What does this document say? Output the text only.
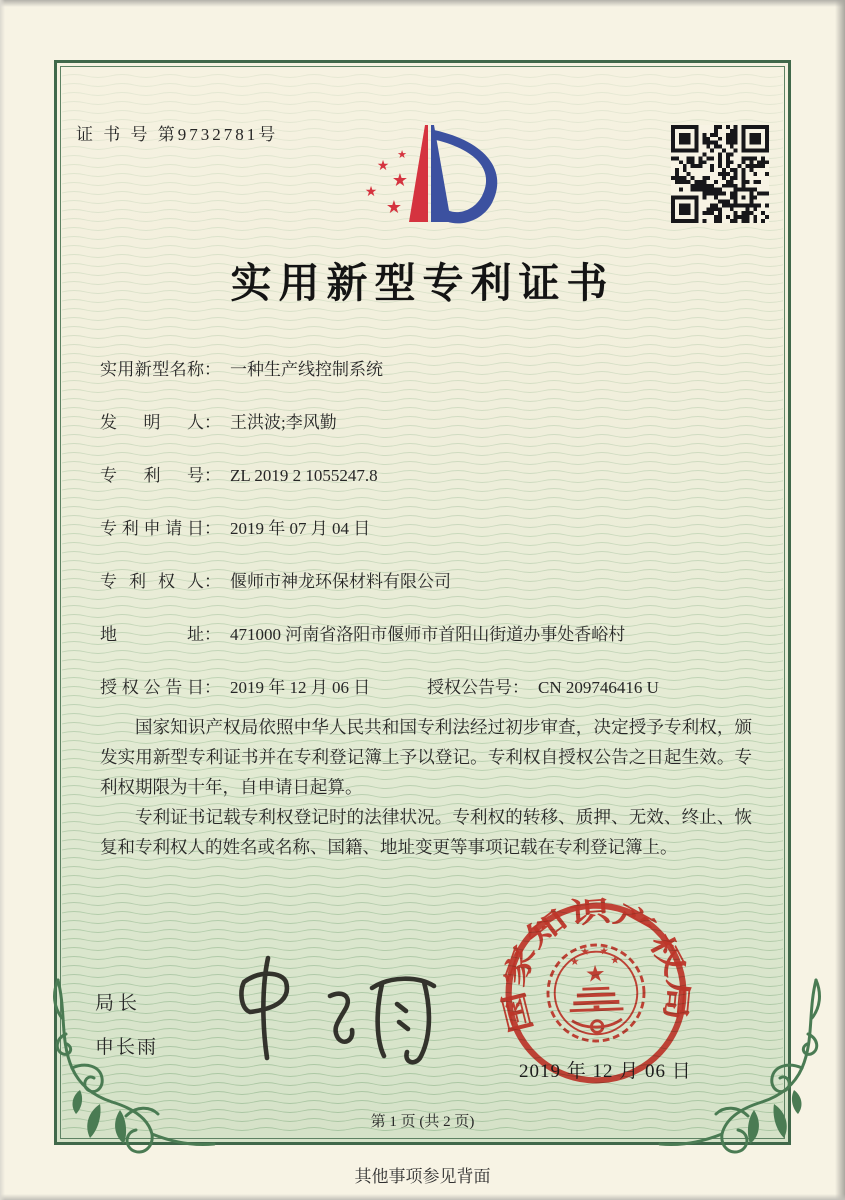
证 书 号 第9732781号
★
★
★
★
★
实用新型专利证书
实用新型名称 ： 一种生产线控制系统
发明人 ： 王洪波;李风勤
专利号 ： ZL 2019 2 1055247.8
专利申请日 ： 2019 年 07 月 04 日
专利权人 ： 偃师市神龙环保材料有限公司
地址 ： 471000 河南省洛阳市偃师市首阳山街道办事处香峪村
授权公告日 ： 2019 年 12 月 06 日	授权公告号 ： CN 209746416 U

国家知识产权局依照中华人民共和国专利法经过初步审查，决定授予专利权，颁发实用新型专利证书并在专利登记簿上予以登记。专利权自授权公告之日起生效。专利权期限为十年，自申请日起算。

专利证书记载专利权登记时的法律状况。专利权的转移、质押、无效、终止、恢复和专利权人的姓名或名称、国籍、地址变更等事项记载在专利登记簿上。

局长
申长雨
国家知识产权局
★
★
★ ★
★
2019 年 12 月 06 日
第 1 页 (共 2 页)
其他事项参见背面
